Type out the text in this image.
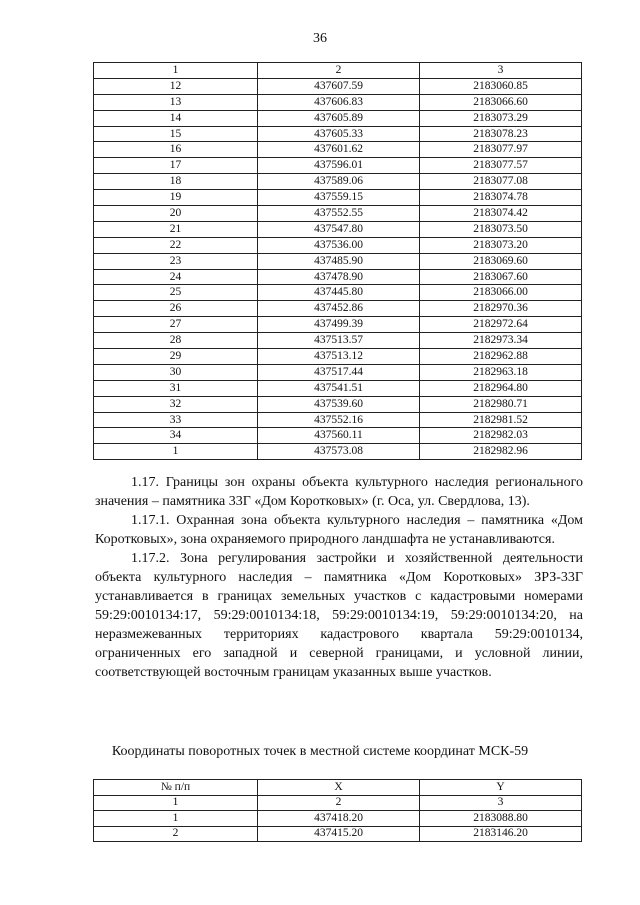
36
1	2	3
12	437607.59	2183060.85
13	437606.83	2183066.60
14	437605.89	2183073.29
15	437605.33	2183078.23
16	437601.62	2183077.97
17	437596.01	2183077.57
18	437589.06	2183077.08
19	437559.15	2183074.78
20	437552.55	2183074.42
21	437547.80	2183073.50
22	437536.00	2183073.20
23	437485.90	2183069.60
24	437478.90	2183067.60
25	437445.80	2183066.00
26	437452.86	2182970.36
27	437499.39	2182972.64
28	437513.57	2182973.34
29	437513.12	2182962.88
30	437517.44	2182963.18
31	437541.51	2182964.80
32	437539.60	2182980.71
33	437552.16	2182981.52
34	437560.11	2182982.03
1	437573.08	2182982.96

1.17. Границы зон охраны объекта культурного наследия регионального значения – памятника 33Г «Дом Коротковых» (г. Оса, ул. Свердлова, 13).

1.17.1. Охранная зона объекта культурного наследия – памятника «Дом Коротковых», зона охраняемого природного ландшафта не устанавливаются.

1.17.2. Зона регулирования застройки и хозяйственной деятельности объекта культурного наследия – памятника «Дом Коротковых» ЗРЗ-33Г устанавливается в границах земельных участков с кадастровыми номерами 59:29:0010134:17, 59:29:0010134:18, 59:29:0010134:19, 59:29:0010134:20, на неразмежеванных территориях кадастрового квартала 59:29:0010134, ограниченных его западной и северной границами, и условной линии, соответствующей восточным границам указанных выше участков.

Координаты поворотных точек в местной системе координат МСК-59
№ п/п	X	Y
1	2	3
1	437418.20	2183088.80
2	437415.20	2183146.20
